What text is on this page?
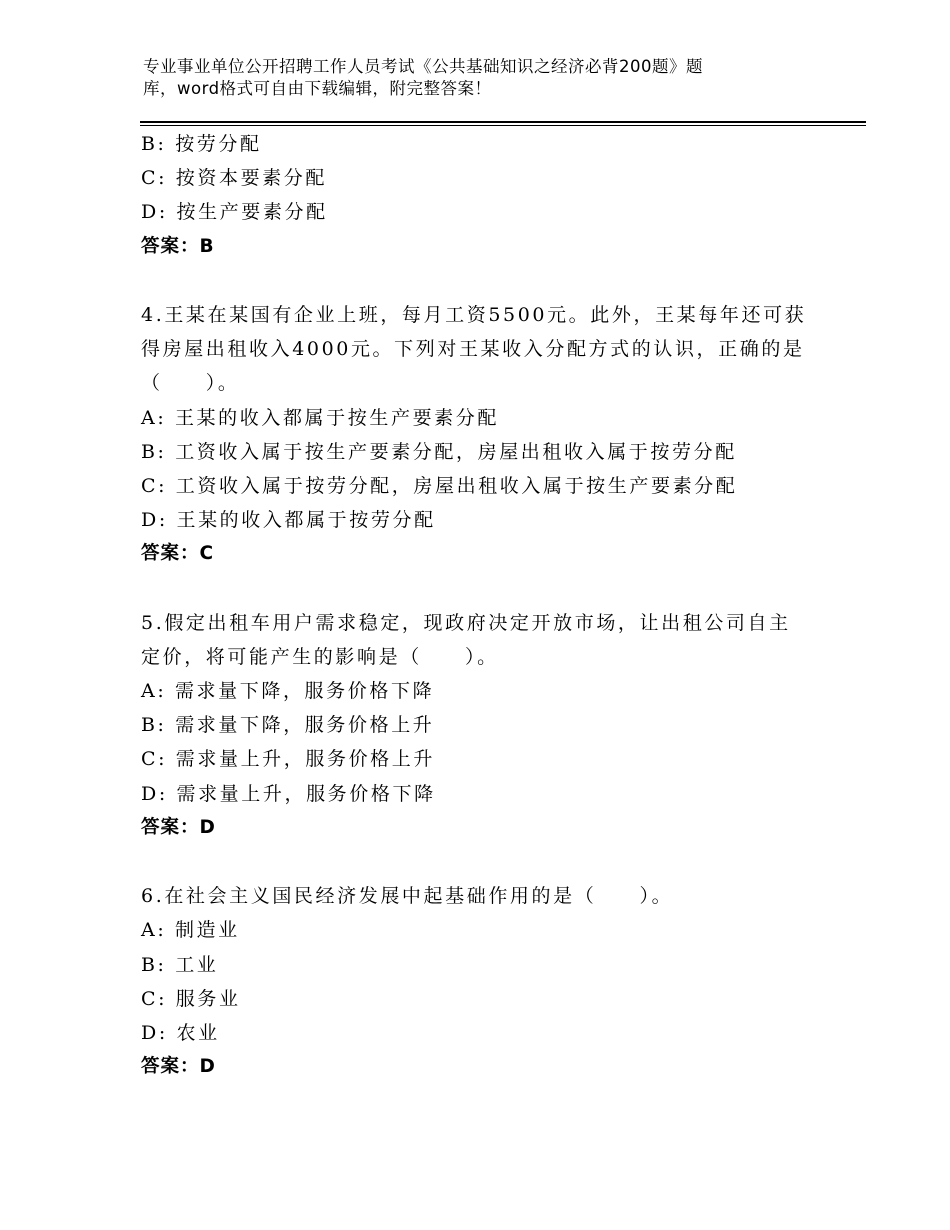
专业事业单位公开招聘工作人员考试《公共基础知识之经济必背200题》题
库，word格式可自由下载编辑，附完整答案！
B: 按劳分配
C: 按资本要素分配
D: 按生产要素分配
答案：B
4.王某在某国有企业上班，每月工资5500元。此外，王某每年还可获
得房屋出租收入4000元。下列对王某收入分配方式的认识，正确的是
（　　）。
A: 王某的收入都属于按生产要素分配
B: 工资收入属于按生产要素分配，房屋出租收入属于按劳分配
C: 工资收入属于按劳分配，房屋出租收入属于按生产要素分配
D: 王某的收入都属于按劳分配
答案：C
5.假定出租车用户需求稳定，现政府决定开放市场，让出租公司自主
定价，将可能产生的影响是（　　）。
A: 需求量下降，服务价格下降
B: 需求量下降，服务价格上升
C: 需求量上升，服务价格上升
D: 需求量上升，服务价格下降
答案：D
6.在社会主义国民经济发展中起基础作用的是（　　）。
A: 制造业
B: 工业
C: 服务业
D: 农业
答案：D
